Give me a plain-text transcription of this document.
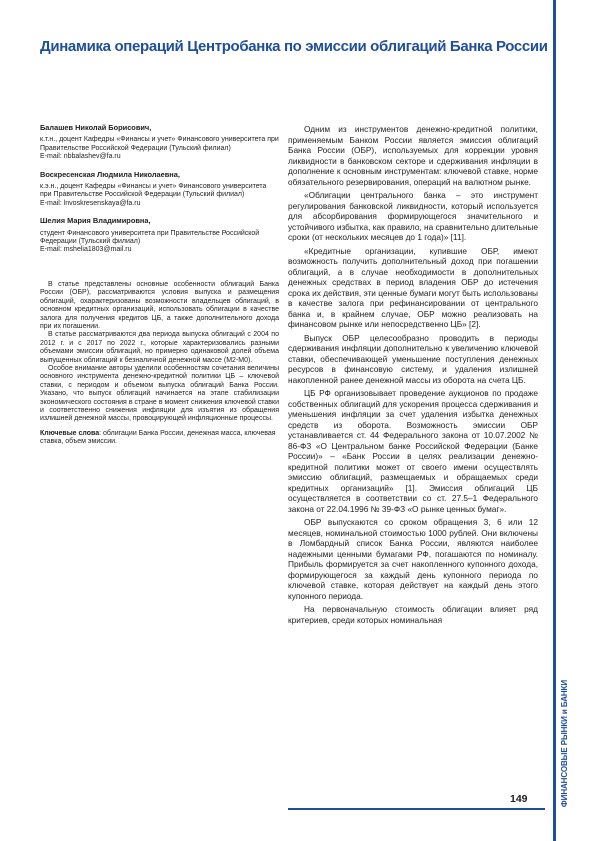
Динамика операций Центробанка по эмиссии облигаций Банка России
Балашев Николай Борисович,

к.т.н., доцент Кафедры «Финансы и учет» Финансового университета при Правительстве Российской Федерации (Тульский филиал)

E-mail: nbbalashev@fa.ru

Воскресенская Людмила Николаевна,

к.э.н., доцент Кафедры «Финансы и учет» Финансового университета при Правительстве Российской Федерации (Тульский филиал)

E-mail: lnvoskresenskaya@fa.ru

Шелия Мария Владимировна,

студент Финансового университета при Правительстве Российской Федерации (Тульский филиал)

E-mail: mshelia1803@mail.ru

В статье представлены основные особенности облигаций Банка России (ОБР), рассматриваются условия выпуска и размещения облигаций, охарактеризованы возможности владельцев облигаций, в основном кредитных организаций, использовать облигации в качестве залога для получения кредитов ЦБ, а также дополнительного дохода при их погашении.

В статье рассматриваются два периода выпуска облигаций с 2004 по 2012 г. и с 2017 по 2022 г., которые характеризовались разными объемами эмиссии облигаций, но примерно одинаковой долей объема выпущенных облигаций к безналичной денежной массе (М2-М0).

Особое внимание авторы уделили особенностям сочетания величины основного инструмента денежно-кредитной политики ЦБ – ключевой ставки, с периодом и объемом выпуска облигаций Банка России. Указано, что выпуск облигаций начинается на этапе стабилизации экономического состояния в стране в момент снижения ключевой ставки и соответственно снижения инфляции для изъятия из обращения излишней денежной массы, провоцирующей инфляционные процессы.

Ключевые слова: облигации Банка России, денежная масса, ключевая ставка, объем эмиссии.

Одним из инструментов денежно-кредитной политики, применяемым Банком России является эмиссия облигаций Банка России (ОБР), используемых для коррекции уровня ликвидности в банковском секторе и сдерживания инфляции в дополнение к основным инструментам: ключевой ставке, норме обязательного резервирования, операций на валютном рынке.

«Облигации центрального банка – это инструмент регулирования банковской ликвидности, который используется для абсорбирования формирующегося значительного и устойчивого избытка, как правило, на сравнительно длительные сроки (от нескольких месяцев до 1 года)» [11].

«Кредитные организации, купившие ОБР, имеют возможность получить дополнительный доход при погашении облигаций, а в случае необходимости в дополнительных денежных средствах в период владения ОБР до истечения срока их действия, эти ценные бумаги могут быть использованы в качестве залога при рефинансировании от центрального банка и, в крайнем случае, ОБР можно реализовать на финансовом рынке или непосредственно ЦБ» [2].

Выпуск ОБР целесообразно проводить в периоды сдерживания инфляции дополнительно к увеличению ключевой ставки, обеспечивающей уменьшение поступления денежных ресурсов в финансовую систему, и удаления излишней накопленной ранее денежной массы из оборота на счета ЦБ.

ЦБ РФ организовывает проведение аукционов по продаже собственных облигаций для ускорения процесса сдерживания и уменьшения инфляции за счет удаления избытка денежных средств из оборота. Возможность эмиссии ОБР устанавливается ст. 44 Федерального закона от 10.07.2002 № 86-ФЗ «О Центральном банке Российской Федерации (Банке России)» – «Банк России в целях реализации денежно-кредитной политики может от своего имени осуществлять эмиссию облигаций, размещаемых и обращаемых среди кредитных организаций» [1]. Эмиссия облигаций ЦБ осуществляется в соответствии со ст. 27.5–1 Федерального закона от 22.04.1996 № 39-ФЗ «О рынке ценных бумаг».

ОБР выпускаются со сроком обращения 3, 6 или 12 месяцев, номинальной стоимостью 1000 рублей. Они включены в Ломбардный список Банка России, являются наиболее надежными ценными бумагами РФ, погашаются по номиналу. Прибыль формируется за счет накопленного купонного дохода, формирующегося за каждый день купонного периода по ключевой ставке, которая действует на каждый день этого купонного периода.

На первоначальную стоимость облигации влияет ряд критериев, среди которых номинальная

ФИНАНСОВЫЕ РЫНКИ и БАНКИ
149
